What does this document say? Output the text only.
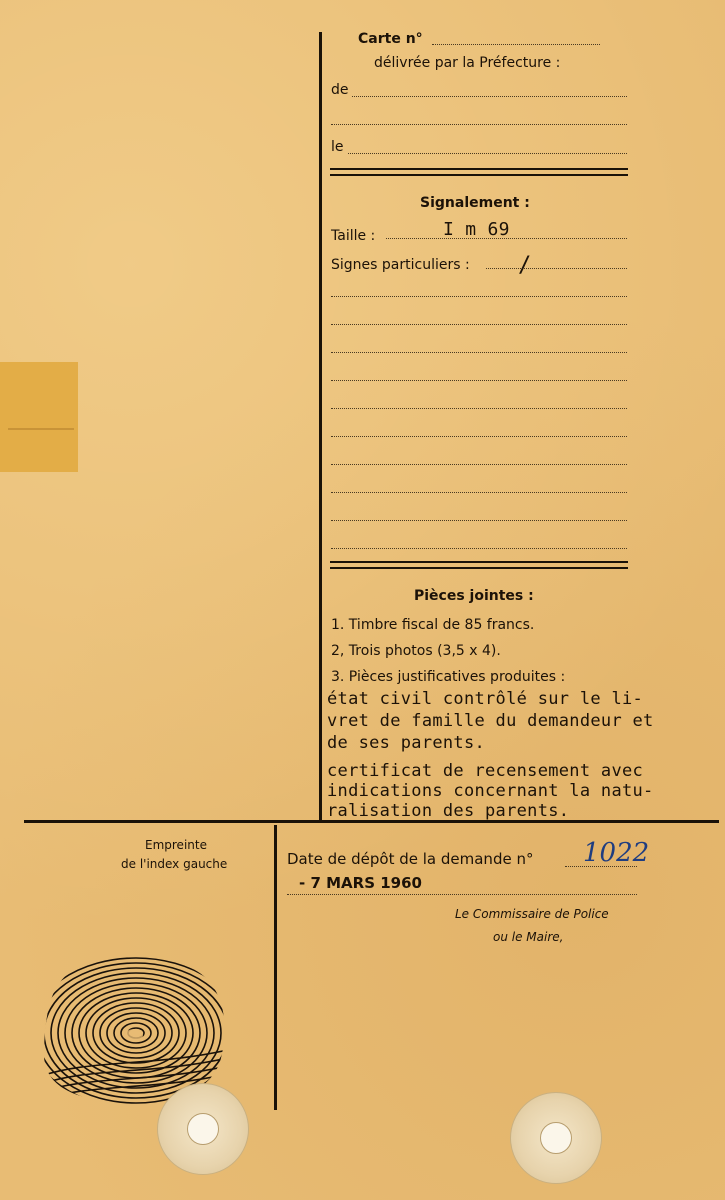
Carte n°
délivrée par la Préfecture :
de
le
Signalement :
Taille :	I m 69
Signes particuliers : /
Pièces jointes :
1. Timbre fiscal de 85 francs.
2, Trois photos (3,5 x 4).
3. Pièces justificatives produites :
état civil contrôlé sur le li-
vret de famille du demandeur et
de ses parents.
certificat de recensement avec
indications concernant la natu-
ralisation des parents.
Empreinte
de l'index gauche	Date de dépôt de la demande n° 1022
- 7 MARS 1960
Le Commissaire de Police
ou le Maire,
